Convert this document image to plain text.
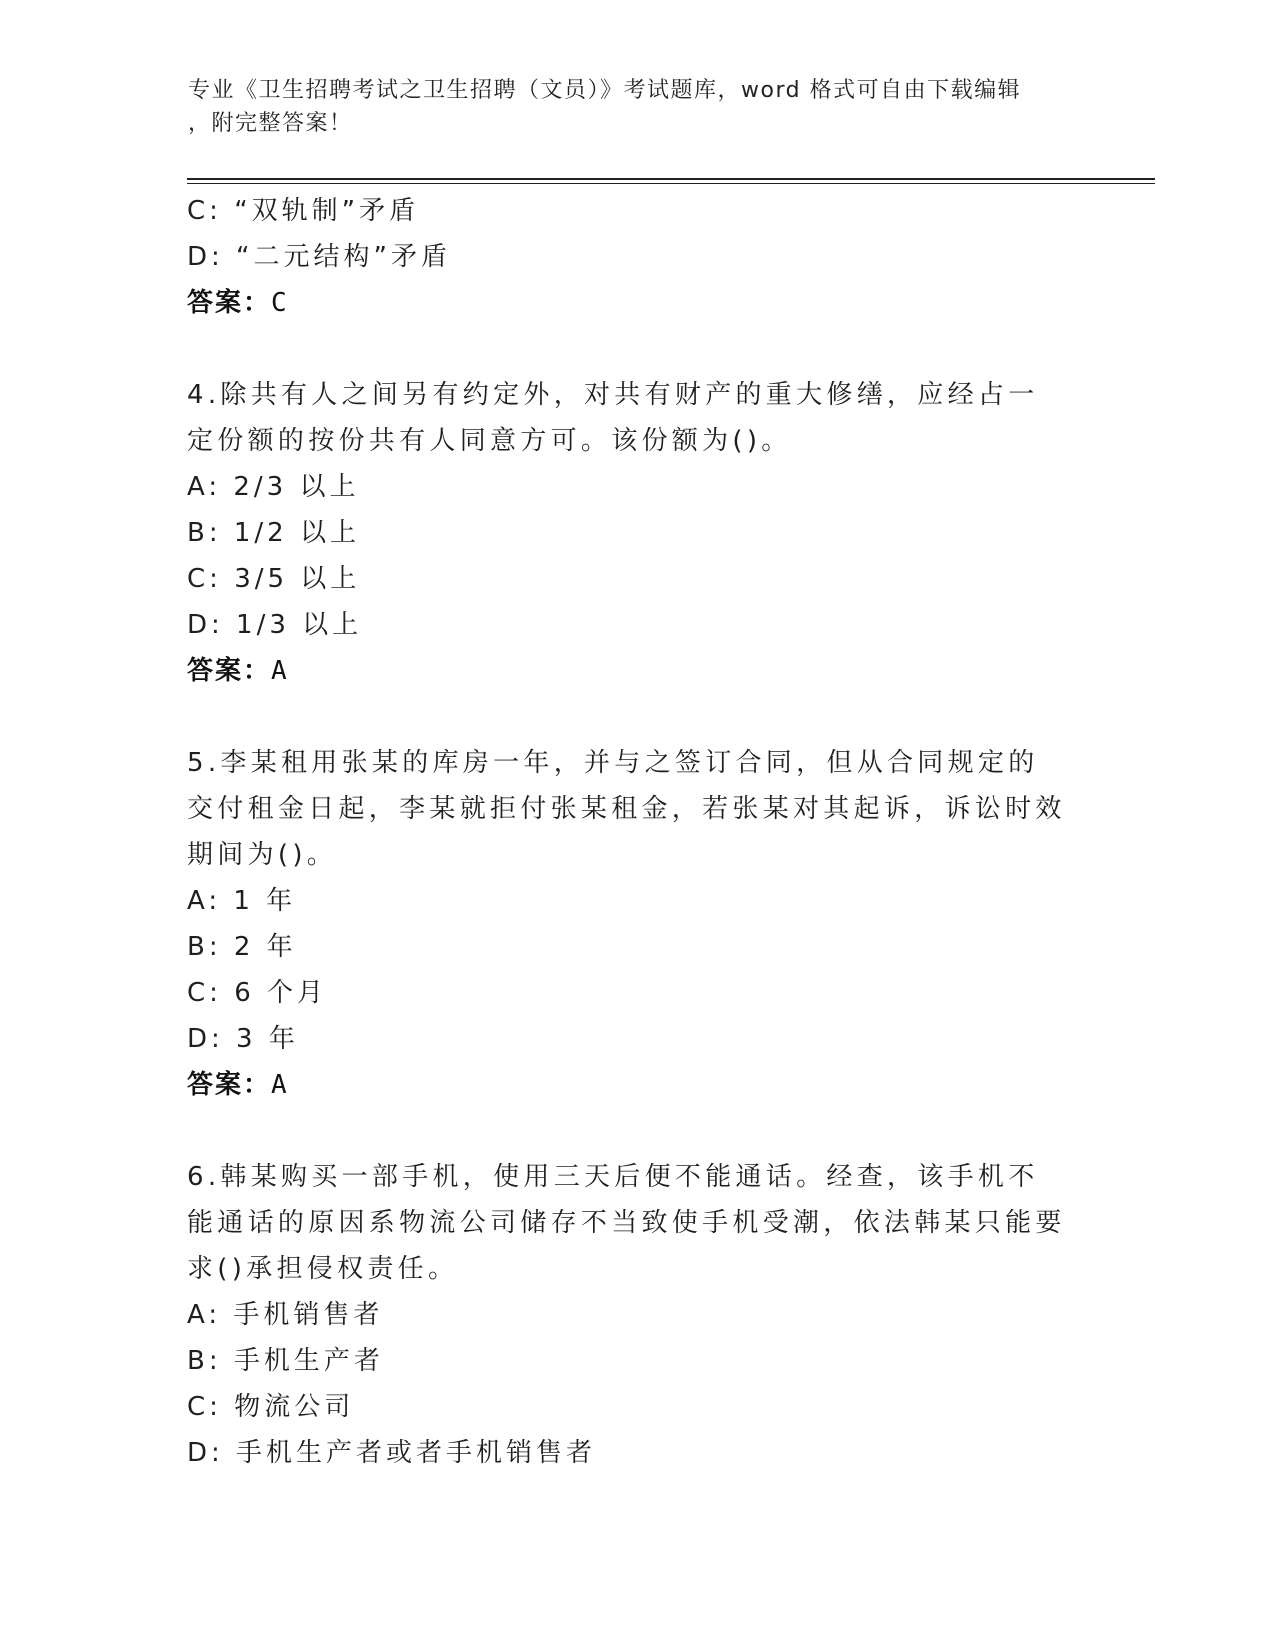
专业《卫生招聘考试之卫生招聘（文员）》考试题库，word 格式可自由下载编辑
，附完整答案！
C: “双轨制”矛盾
D: “二元结构”矛盾
答案：C
4.除共有人之间另有约定外，对共有财产的重大修缮，应经占一定份额的按份共有人同意方可。该份额为()。
A: 2/3 以上
B: 1/2 以上
C: 3/5 以上
D: 1/3 以上
答案：A
5.李某租用张某的库房一年，并与之签订合同，但从合同规定的交付租金日起，李某就拒付张某租金，若张某对其起诉，诉讼时效期间为()。
A: 1 年
B: 2 年
C: 6 个月
D: 3 年
答案：A
6.韩某购买一部手机，使用三天后便不能通话。经查，该手机不能通话的原因系物流公司储存不当致使手机受潮，依法韩某只能要求()承担侵权责任。
A: 手机销售者
B: 手机生产者
C: 物流公司
D: 手机生产者或者手机销售者
